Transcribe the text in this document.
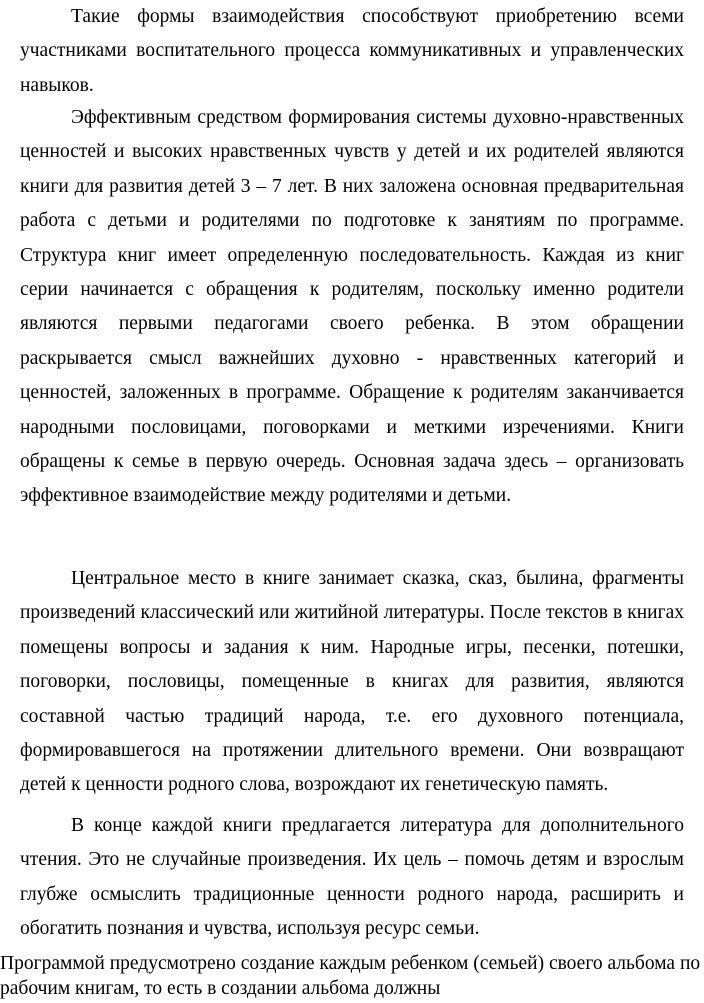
Такие формы взаимодействия способствуют приобретению всеми участниками воспитательного процесса коммуникативных и управленческих навыков.

Эффективным средством формирования системы духовно-нравственных ценностей и высоких нравственных чувств у детей и их родителей являются книги для развития детей 3 – 7 лет. В них заложена основная предварительная работа с детьми и родителями по подготовке к занятиям по программе. Структура книг имеет определенную последовательность. Каждая из книг серии начинается с обращения к родителям, поскольку именно родители являются первыми педагогами своего ребенка. В этом обращении раскрывается смысл важнейших духовно - нравственных категорий и ценностей, заложенных в программе. Обращение к родителям заканчивается народными пословицами, поговорками и меткими изречениями. Книги обращены к семье в первую очередь. Основная задача здесь – организовать эффективное взаимодействие между родителями и детьми.

Центральное место в книге занимает сказка, сказ, былина, фрагменты произведений классический или житийной литературы. После текстов в книгах помещены вопросы и задания к ним. Народные игры, песенки, потешки, поговорки, пословицы, помещенные в книгах для развития, являются составной частью традиций народа, т.е. его духовного потенциала, формировавшегося на протяжении длительного времени. Они возвращают детей к ценности родного слова, возрождают их генетическую память.

В конце каждой книги предлагается литература для дополнительного чтения. Это не случайные произведения. Их цель – помочь детям и взрослым глубже осмыслить традиционные ценности родного народа, расширить и обогатить познания и чувства, используя ресурс семьи.

Программой предусмотрено создание каждым ребенком (семьей) своего альбома по рабочим книгам, то есть в создании альбома должны
